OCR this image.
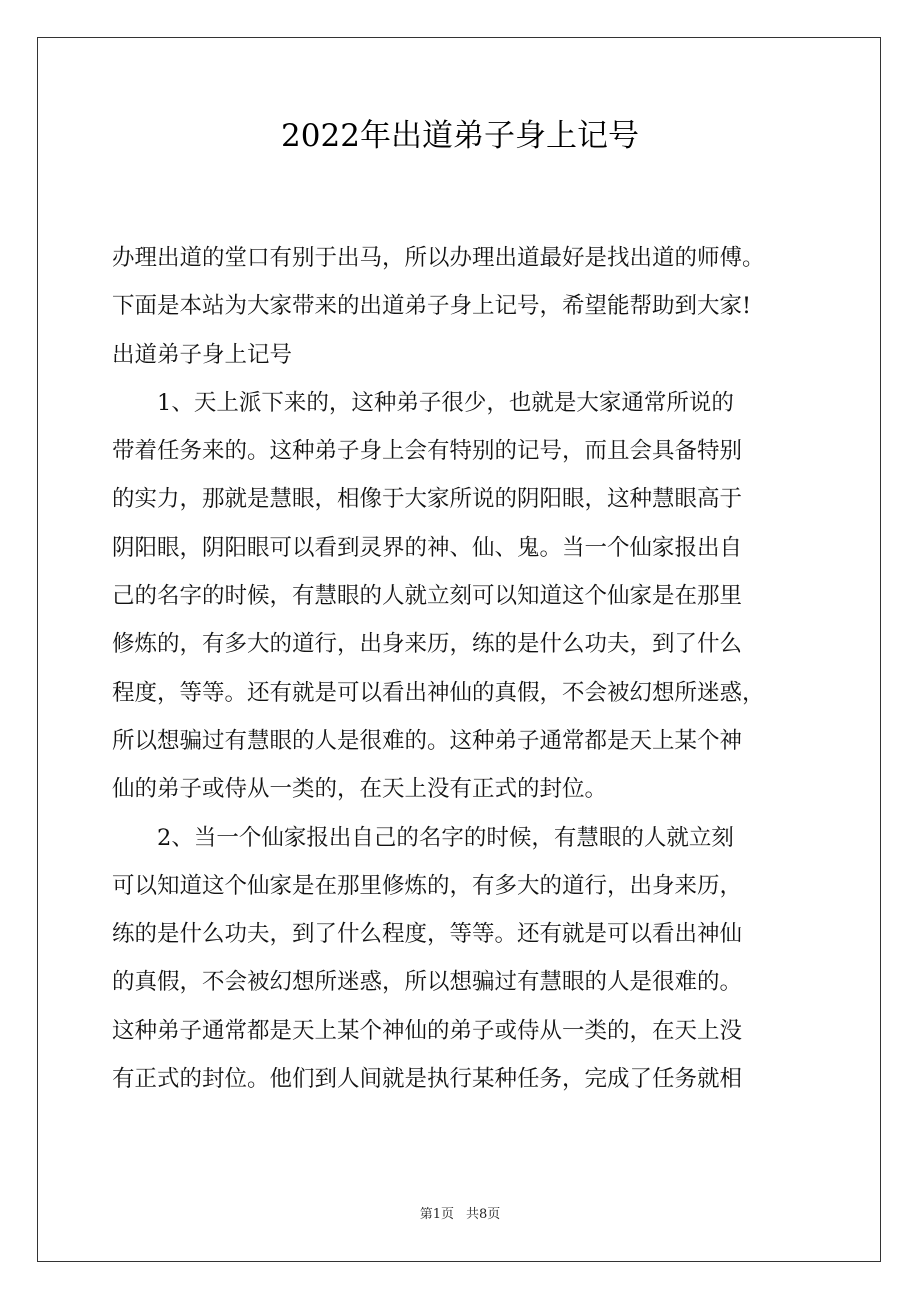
2022年出道弟子身上记号
办理出道的堂口有别于出马，所以办理出道最好是找出道的师傅。
下面是本站为大家带来的出道弟子身上记号，希望能帮助到大家!
出道弟子身上记号
1、天上派下来的，这种弟子很少，也就是大家通常所说的
带着任务来的。这种弟子身上会有特别的记号，而且会具备特别
的实力，那就是慧眼，相像于大家所说的阴阳眼，这种慧眼高于
阴阳眼，阴阳眼可以看到灵界的神、仙、鬼。当一个仙家报出自
己的名字的时候，有慧眼的人就立刻可以知道这个仙家是在那里
修炼的，有多大的道行，出身来历，练的是什么功夫，到了什么
程度，等等。还有就是可以看出神仙的真假，不会被幻想所迷惑，
所以想骗过有慧眼的人是很难的。这种弟子通常都是天上某个神
仙的弟子或侍从一类的，在天上没有正式的封位。
2、当一个仙家报出自己的名字的时候，有慧眼的人就立刻
可以知道这个仙家是在那里修炼的，有多大的道行，出身来历，
练的是什么功夫，到了什么程度，等等。还有就是可以看出神仙
的真假，不会被幻想所迷惑，所以想骗过有慧眼的人是很难的。
这种弟子通常都是天上某个神仙的弟子或侍从一类的，在天上没
有正式的封位。他们到人间就是执行某种任务，完成了任务就相
第1页 共8页
